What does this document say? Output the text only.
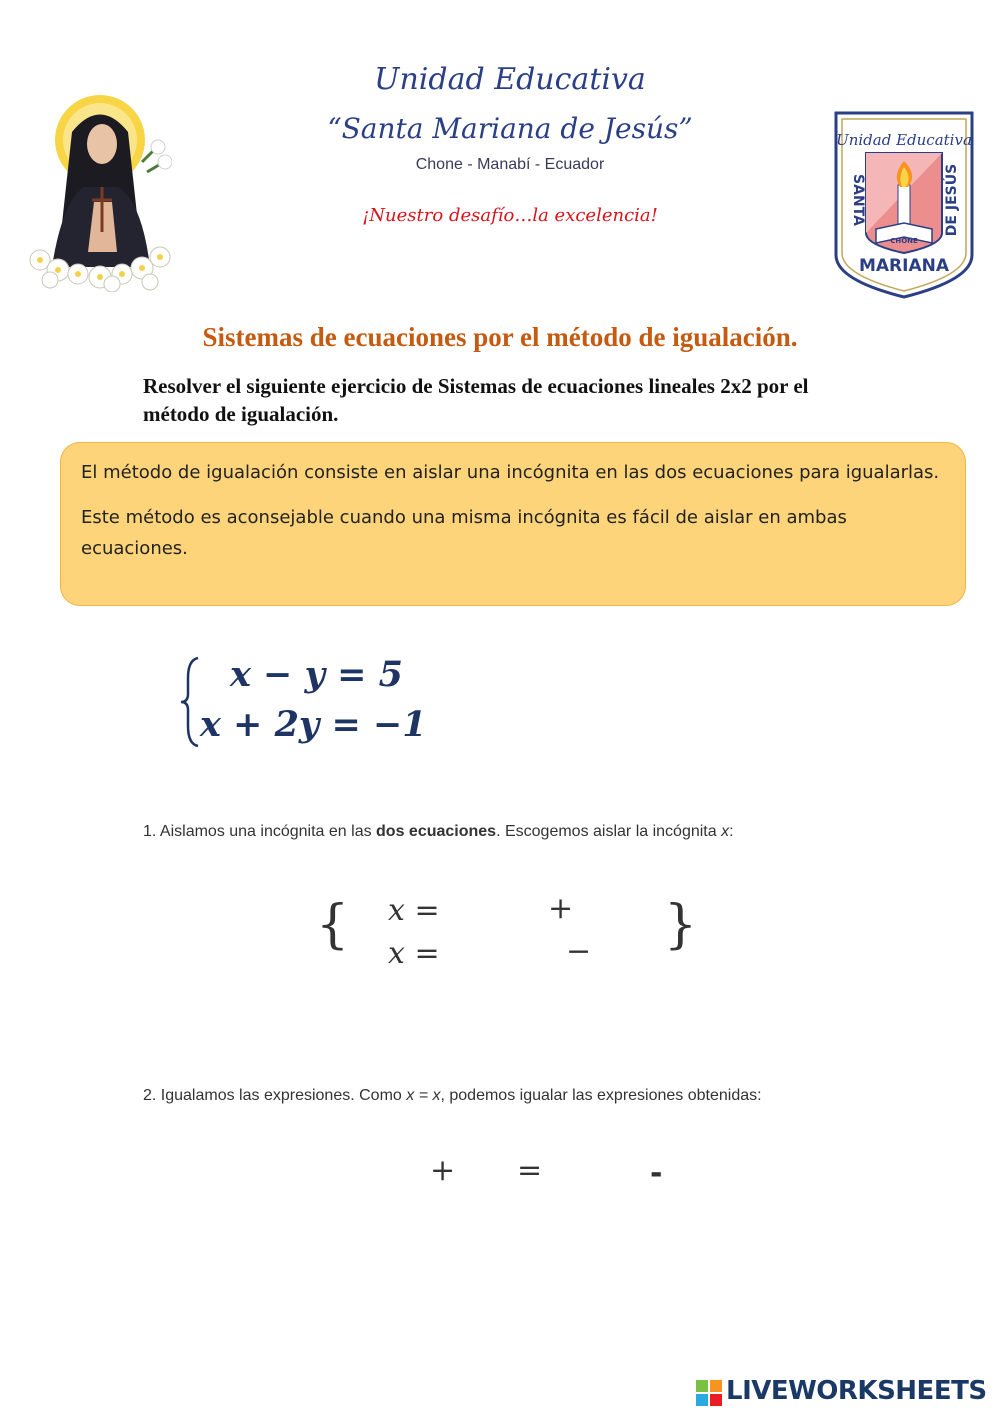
Unidad Educativa
“Santa Mariana de Jesús”
Chone - Manabí - Ecuador
¡Nuestro desafío…la excelencia!
Unidad Educativa
CHONE
SANTA	DE JESÚS
MARIANA
Sistemas de ecuaciones por el método de igualación.
Resolver el siguiente ejercicio de Sistemas de ecuaciones lineales 2x2 por el método de igualación.

El método de igualación consiste en aislar una incógnita en las dos ecuaciones para igualarlas.

Este método es aconsejable cuando una misma incógnita es fácil de aislar en ambas ecuaciones.

x − y = 5
x + 2y = −1
1. Aislamos una incógnita en las dos ecuaciones. Escogemos aislar la incógnita x:
{	}
x =	+
x =	−
2. Igualamos las expresiones. Como x = x, podemos igualar las expresiones obtenidas:
+ =	-
LIVEWORKSHEETS
